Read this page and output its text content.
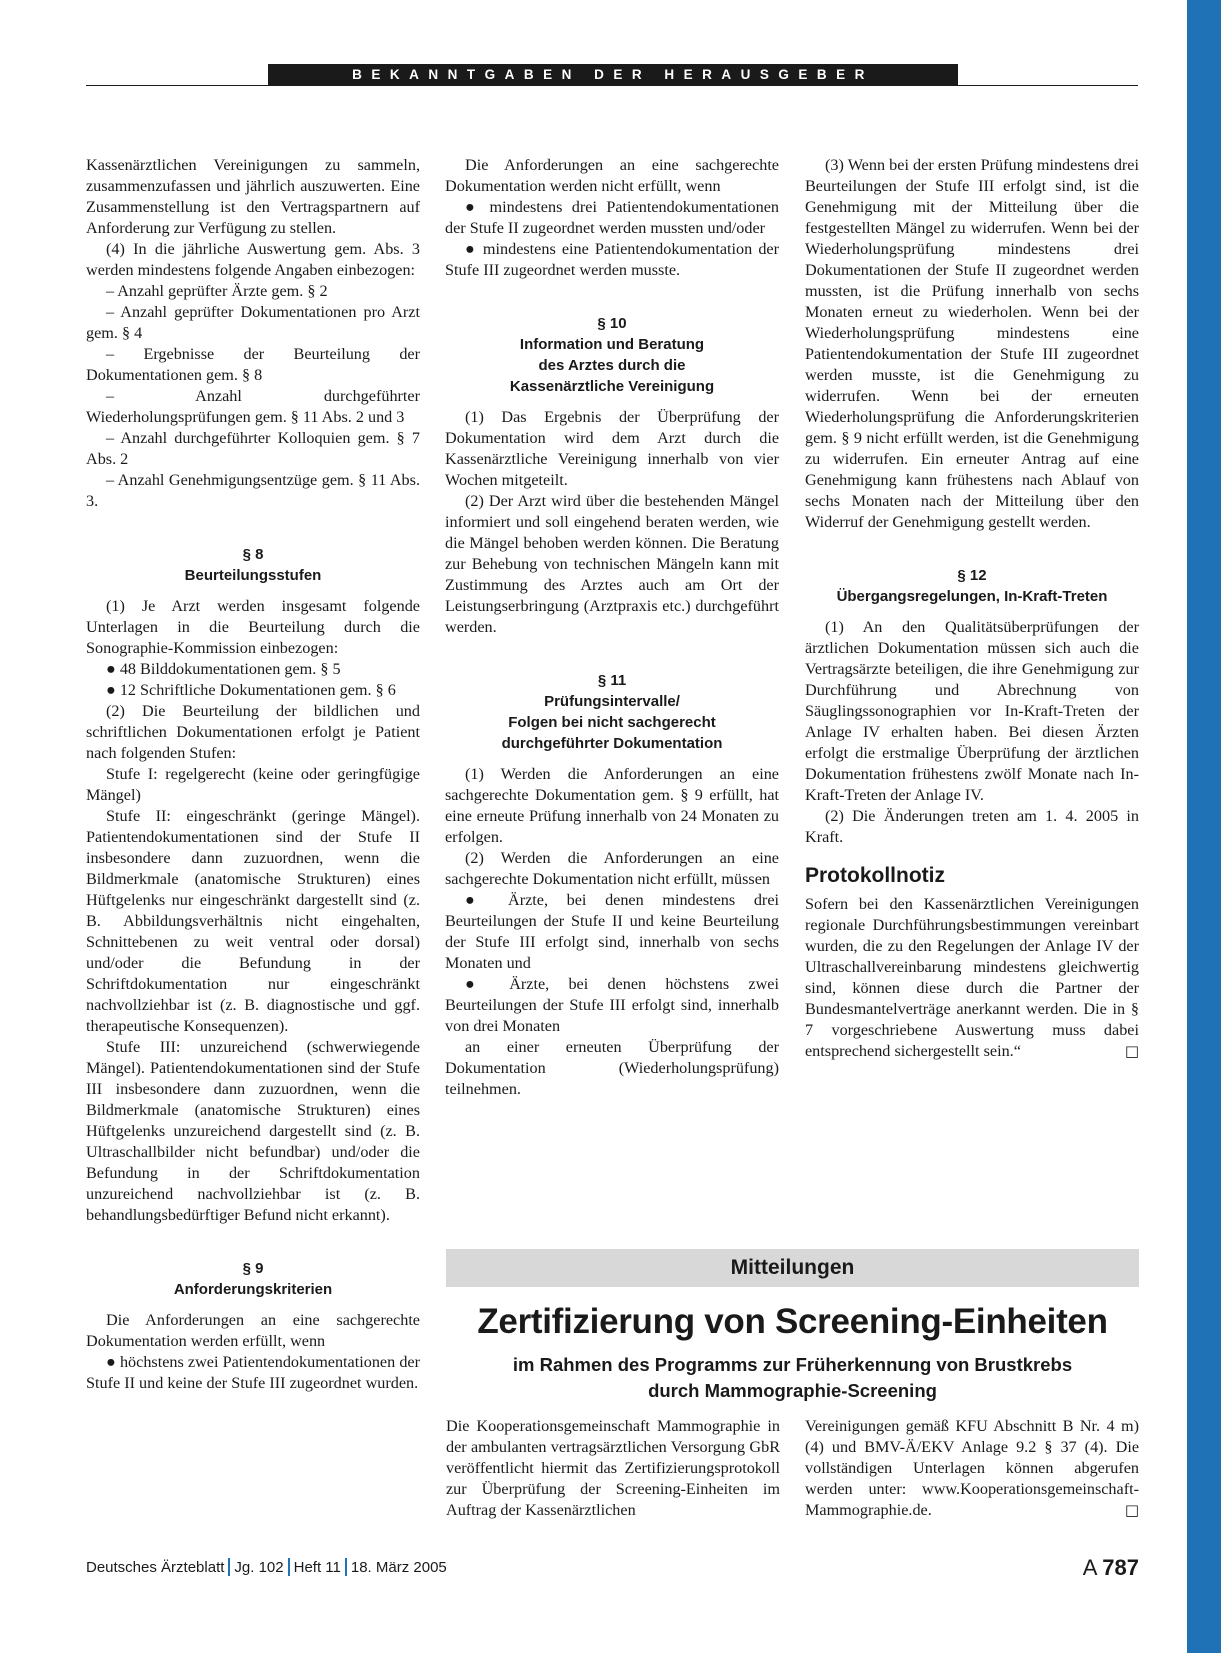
BEKANNTGABEN DER HERAUSGEBER

Kassenärztlichen Vereinigungen zu sammeln, zusammenzufassen und jährlich auszuwerten. Eine Zusammenstellung ist den Vertragspartnern auf Anforderung zur Verfügung zu stellen.

(4) In die jährliche Auswertung gem. Abs. 3 werden mindestens folgende Angaben einbezogen:

– Anzahl geprüfter Ärzte gem. § 2

– Anzahl geprüfter Dokumentationen pro Arzt gem. § 4

– Ergebnisse der Beurteilung der Dokumentationen gem. § 8

– Anzahl durchgeführter Wiederholungsprüfungen gem. § 11 Abs. 2 und 3

– Anzahl durchgeführter Kolloquien gem. § 7 Abs. 2

– Anzahl Genehmigungsentzüge gem. § 11 Abs. 3.

§ 8
Beurteilungsstufen

(1) Je Arzt werden insgesamt folgende Unterlagen in die Beurteilung durch die Sonographie-Kommission einbezogen:

● 48 Bilddokumentationen gem. § 5

● 12 Schriftliche Dokumentationen gem. § 6

(2) Die Beurteilung der bildlichen und schriftlichen Dokumentationen erfolgt je Patient nach folgenden Stufen:

Stufe I: regelgerecht (keine oder geringfügige Mängel)

Stufe II: eingeschränkt (geringe Mängel). Patientendokumentationen sind der Stufe II insbesondere dann zuzuordnen, wenn die Bildmerkmale (anatomische Strukturen) eines Hüftgelenks nur eingeschränkt dargestellt sind (z. B. Abbildungsverhältnis nicht eingehalten, Schnittebenen zu weit ventral oder dorsal) und/oder die Befundung in der Schriftdokumentation nur eingeschränkt nachvollziehbar ist (z. B. diagnostische und ggf. therapeutische Konsequenzen).

Stufe III: unzureichend (schwerwiegende Mängel). Patientendokumentationen sind der Stufe III insbesondere dann zuzuordnen, wenn die Bildmerkmale (anatomische Strukturen) eines Hüftgelenks unzureichend dargestellt sind (z. B. Ultraschallbilder nicht befundbar) und/oder die Befundung in der Schriftdokumentation unzureichend nachvollziehbar ist (z. B. behandlungsbedürftiger Befund nicht erkannt).

§ 9
Anforderungskriterien

Die Anforderungen an eine sachgerechte Dokumentation werden erfüllt, wenn

● höchstens zwei Patientendokumentationen der Stufe II und keine der Stufe III zugeordnet wurden.

Die Anforderungen an eine sachgerechte Dokumentation werden nicht erfüllt, wenn

● mindestens drei Patientendokumentationen der Stufe II zugeordnet werden mussten und/oder

● mindestens eine Patientendokumentation der Stufe III zugeordnet werden musste.

§ 10
Information und Beratung
des Arztes durch die
Kassenärztliche Vereinigung

(1) Das Ergebnis der Überprüfung der Dokumentation wird dem Arzt durch die Kassenärztliche Vereinigung innerhalb von vier Wochen mitgeteilt.

(2) Der Arzt wird über die bestehenden Mängel informiert und soll eingehend beraten werden, wie die Mängel behoben werden können. Die Beratung zur Behebung von technischen Mängeln kann mit Zustimmung des Arztes auch am Ort der Leistungserbringung (Arztpraxis etc.) durchgeführt werden.

§ 11
Prüfungsintervalle/
Folgen bei nicht sachgerecht
durchgeführter Dokumentation

(1) Werden die Anforderungen an eine sachgerechte Dokumentation gem. § 9 erfüllt, hat eine erneute Prüfung innerhalb von 24 Monaten zu erfolgen.

(2) Werden die Anforderungen an eine sachgerechte Dokumentation nicht erfüllt, müssen

● Ärzte, bei denen mindestens drei Beurteilungen der Stufe II und keine Beurteilung der Stufe III erfolgt sind, innerhalb von sechs Monaten und

● Ärzte, bei denen höchstens zwei Beurteilungen der Stufe III erfolgt sind, innerhalb von drei Monaten

an einer erneuten Überprüfung der Dokumentation (Wiederholungsprüfung) teilnehmen.

(3) Wenn bei der ersten Prüfung mindestens drei Beurteilungen der Stufe III erfolgt sind, ist die Genehmigung mit der Mitteilung über die festgestellten Mängel zu widerrufen. Wenn bei der Wiederholungsprüfung mindestens drei Dokumentationen der Stufe II zugeordnet werden mussten, ist die Prüfung innerhalb von sechs Monaten erneut zu wiederholen. Wenn bei der Wiederholungsprüfung mindestens eine Patientendokumentation der Stufe III zugeordnet werden musste, ist die Genehmigung zu widerrufen. Wenn bei der erneuten Wiederholungsprüfung die Anforderungskriterien gem. § 9 nicht erfüllt werden, ist die Genehmigung zu widerrufen. Ein erneuter Antrag auf eine Genehmigung kann frühestens nach Ablauf von sechs Monaten nach der Mitteilung über den Widerruf der Genehmigung gestellt werden.

§ 12
Übergangsregelungen, In-Kraft-Treten

(1) An den Qualitätsüberprüfungen der ärztlichen Dokumentation müssen sich auch die Vertragsärzte beteiligen, die ihre Genehmigung zur Durchführung und Abrechnung von Säuglingssonographien vor In-Kraft-Treten der Anlage IV erhalten haben. Bei diesen Ärzten erfolgt die erstmalige Überprüfung der ärztlichen Dokumentation frühestens zwölf Monate nach In-Kraft-Treten der Anlage IV.

(2) Die Änderungen treten am 1. 4. 2005 in Kraft.

Protokollnotiz

Sofern bei den Kassenärztlichen Vereinigungen regionale Durchführungsbestimmungen vereinbart wurden, die zu den Regelungen der Anlage IV der Ultraschallvereinbarung mindestens gleichwertig sind, können diese durch die Partner der Bundesmantelverträge anerkannt werden. Die in § 7 vorgeschriebene Auswertung muss dabei entsprechend sichergestellt sein.“	□

Mitteilungen
Zertifizierung von Screening-Einheiten
im Rahmen des Programms zur Früherkennung von Brustkrebs
durch Mammographie-Screening

Die Kooperationsgemeinschaft Mammographie in der ambulanten vertragsärztlichen Versorgung GbR veröffentlicht hiermit das Zertifizierungsprotokoll zur Überprüfung der Screening-Einheiten im Auftrag der Kassenärztlichen

Vereinigungen gemäß KFU Abschnitt B Nr. 4 m) (4) und BMV-Ä/EKV Anlage 9.2 § 37 (4). Die vollständigen Unterlagen können abgerufen werden unter: www.Kooperationsgemeinschaft-Mammographie.de.	□

Deutsches Ärzteblatt Jg. 102 Heft 11 18. März 2005	A 787
